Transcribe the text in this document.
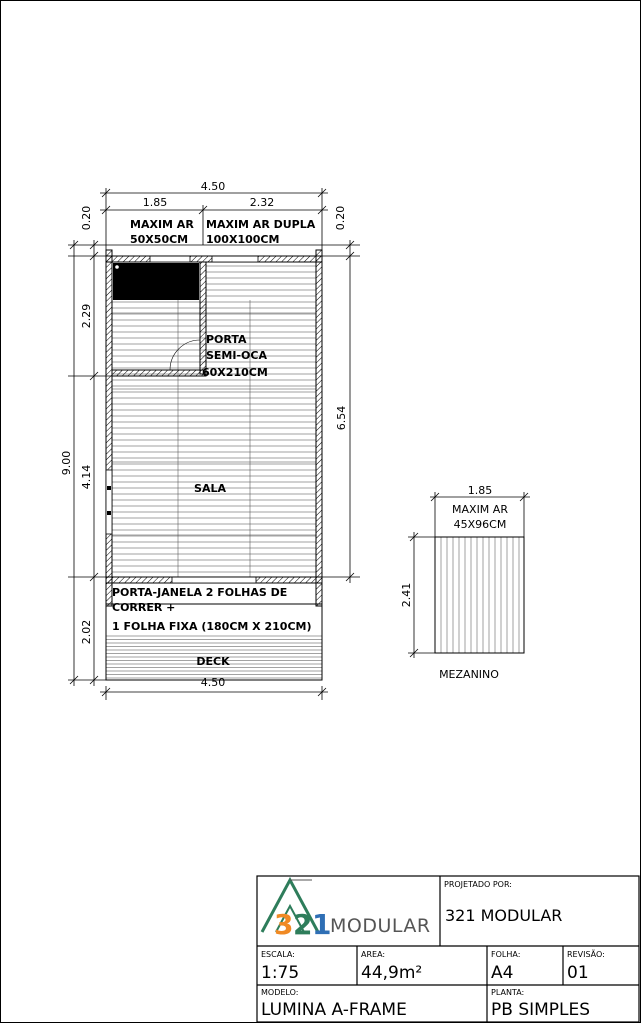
4.50
1.85	2.32
4.50
0.20	0.20
9.00
2.29
4.14
2.02
6.54
MAXIM AR
50X50CM
MAXIM AR DUPLA
100X100CM
PORTA
SEMI-OCA
60X210CM
SALA
PORTA-JANELA 2 FOLHAS DE
CORRER +
1 FOLHA FIXA (180CM X 210CM)
DECK
1.85
2.41
MAXIM AR
45X96CM
MEZANINO
3 2 1
MODULAR
PROJETADO POR:
321 MODULAR
ESCALA:
1:75
AREA:
44,9m²
FOLHA:
A4
REVISÃO:
01
MODELO:
LUMINA A-FRAME
PLANTA:
PB SIMPLES
